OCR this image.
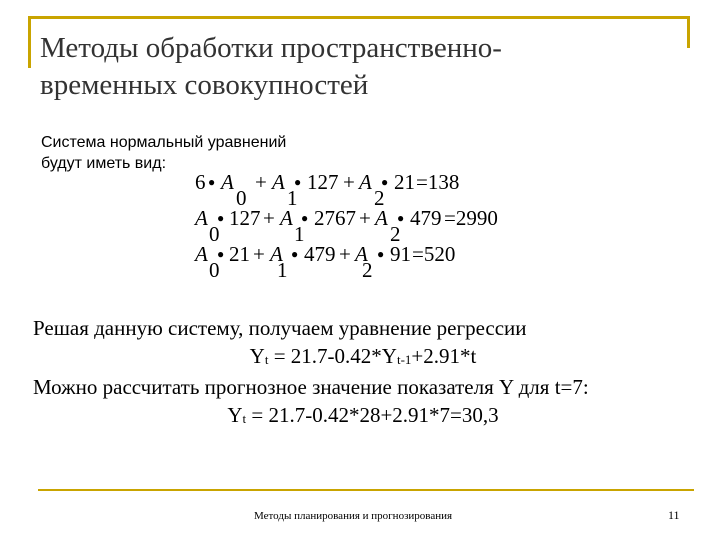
Методы обработки пространственно-
временных совокупностей
Система нормальный уравнений
будут иметь вид:
6 ● A
0
+ A
1
● 127 + A
2
● 21 =138
A
0
● 127 + A
1
● 2767 + A
2
● 479 =2990
A
0
● 21 + A
1
● 479 + A
2
● 91 =520
Решая данную систему, получаем уравнение регрессии
$Y_t = 21.7-0.42*Y_{t-1}+2.91*t$
Можно рассчитать прогнозное значение показателя Y для t=7:
$Y_t = 21.7-0.42*28+2.91*7=30,3$
Методы планирования и прогнозирования	11
